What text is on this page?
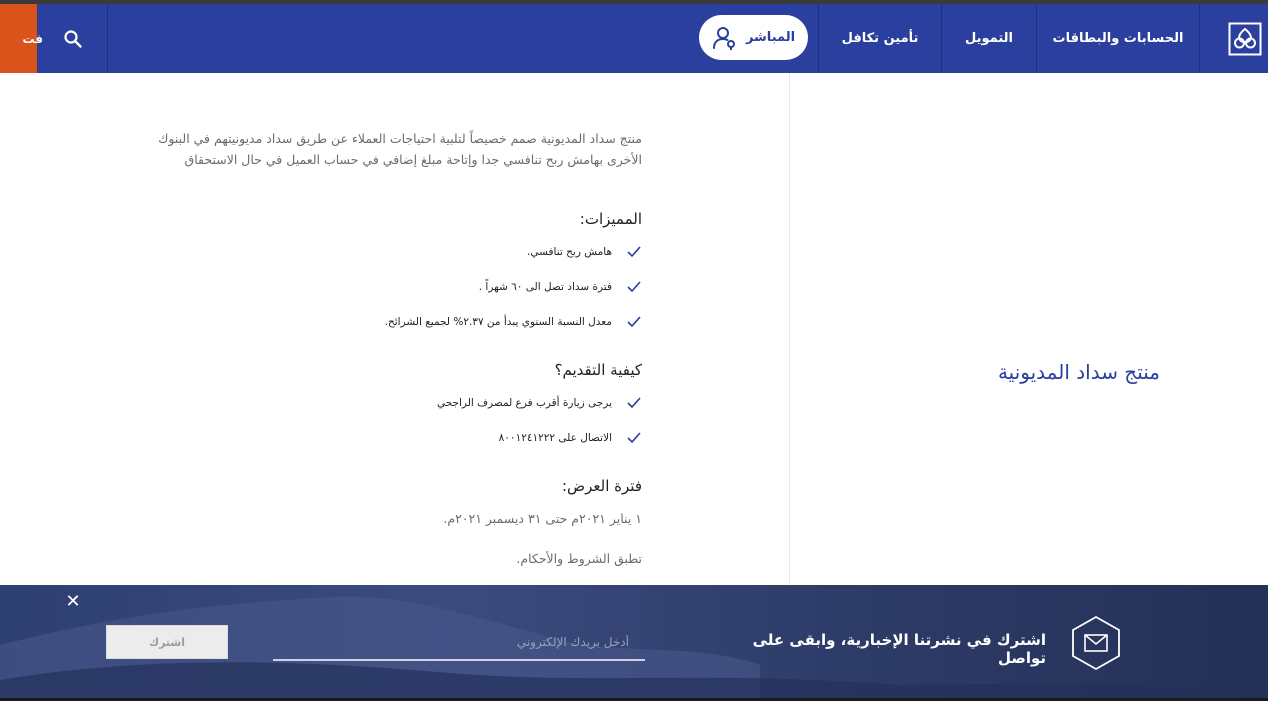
فت	المباشر	تأمين تكافل	التمويل	الحسابات والبطاقات
منتج سداد المديونية

منتج سداد المديونية صمم خصيصاً لتلبية احتياجات العملاء عن طريق سداد مديونيتهم في البنوك الأخرى بهامش ربح تنافسي جدا وإتاحة مبلغ إضافي في حساب العميل في حال الاستحقاق

المميزات:

هامش ربح تنافسي.
فترة سداد تصل الى ٦٠ شهراً .
معدل النسبة السنوي يبدأ من ٢.٣٧% لجميع الشرائح.

كيفية التقديم؟

يرجى زيارة أقرب فرع لمصرف الراجحي
الاتصال على ٨٠٠١٢٤١٢٢٢

فترة العرض:

١ يناير ٢٠٢١م حتى ٣١ ديسمبر ٢٠٢١م.

تطبق الشروط والأحكام.

✕
اشترك
أدخل بريدك الإلكتروني	اشترك في نشرتنا الإخبارية، وابقى على تواصل
